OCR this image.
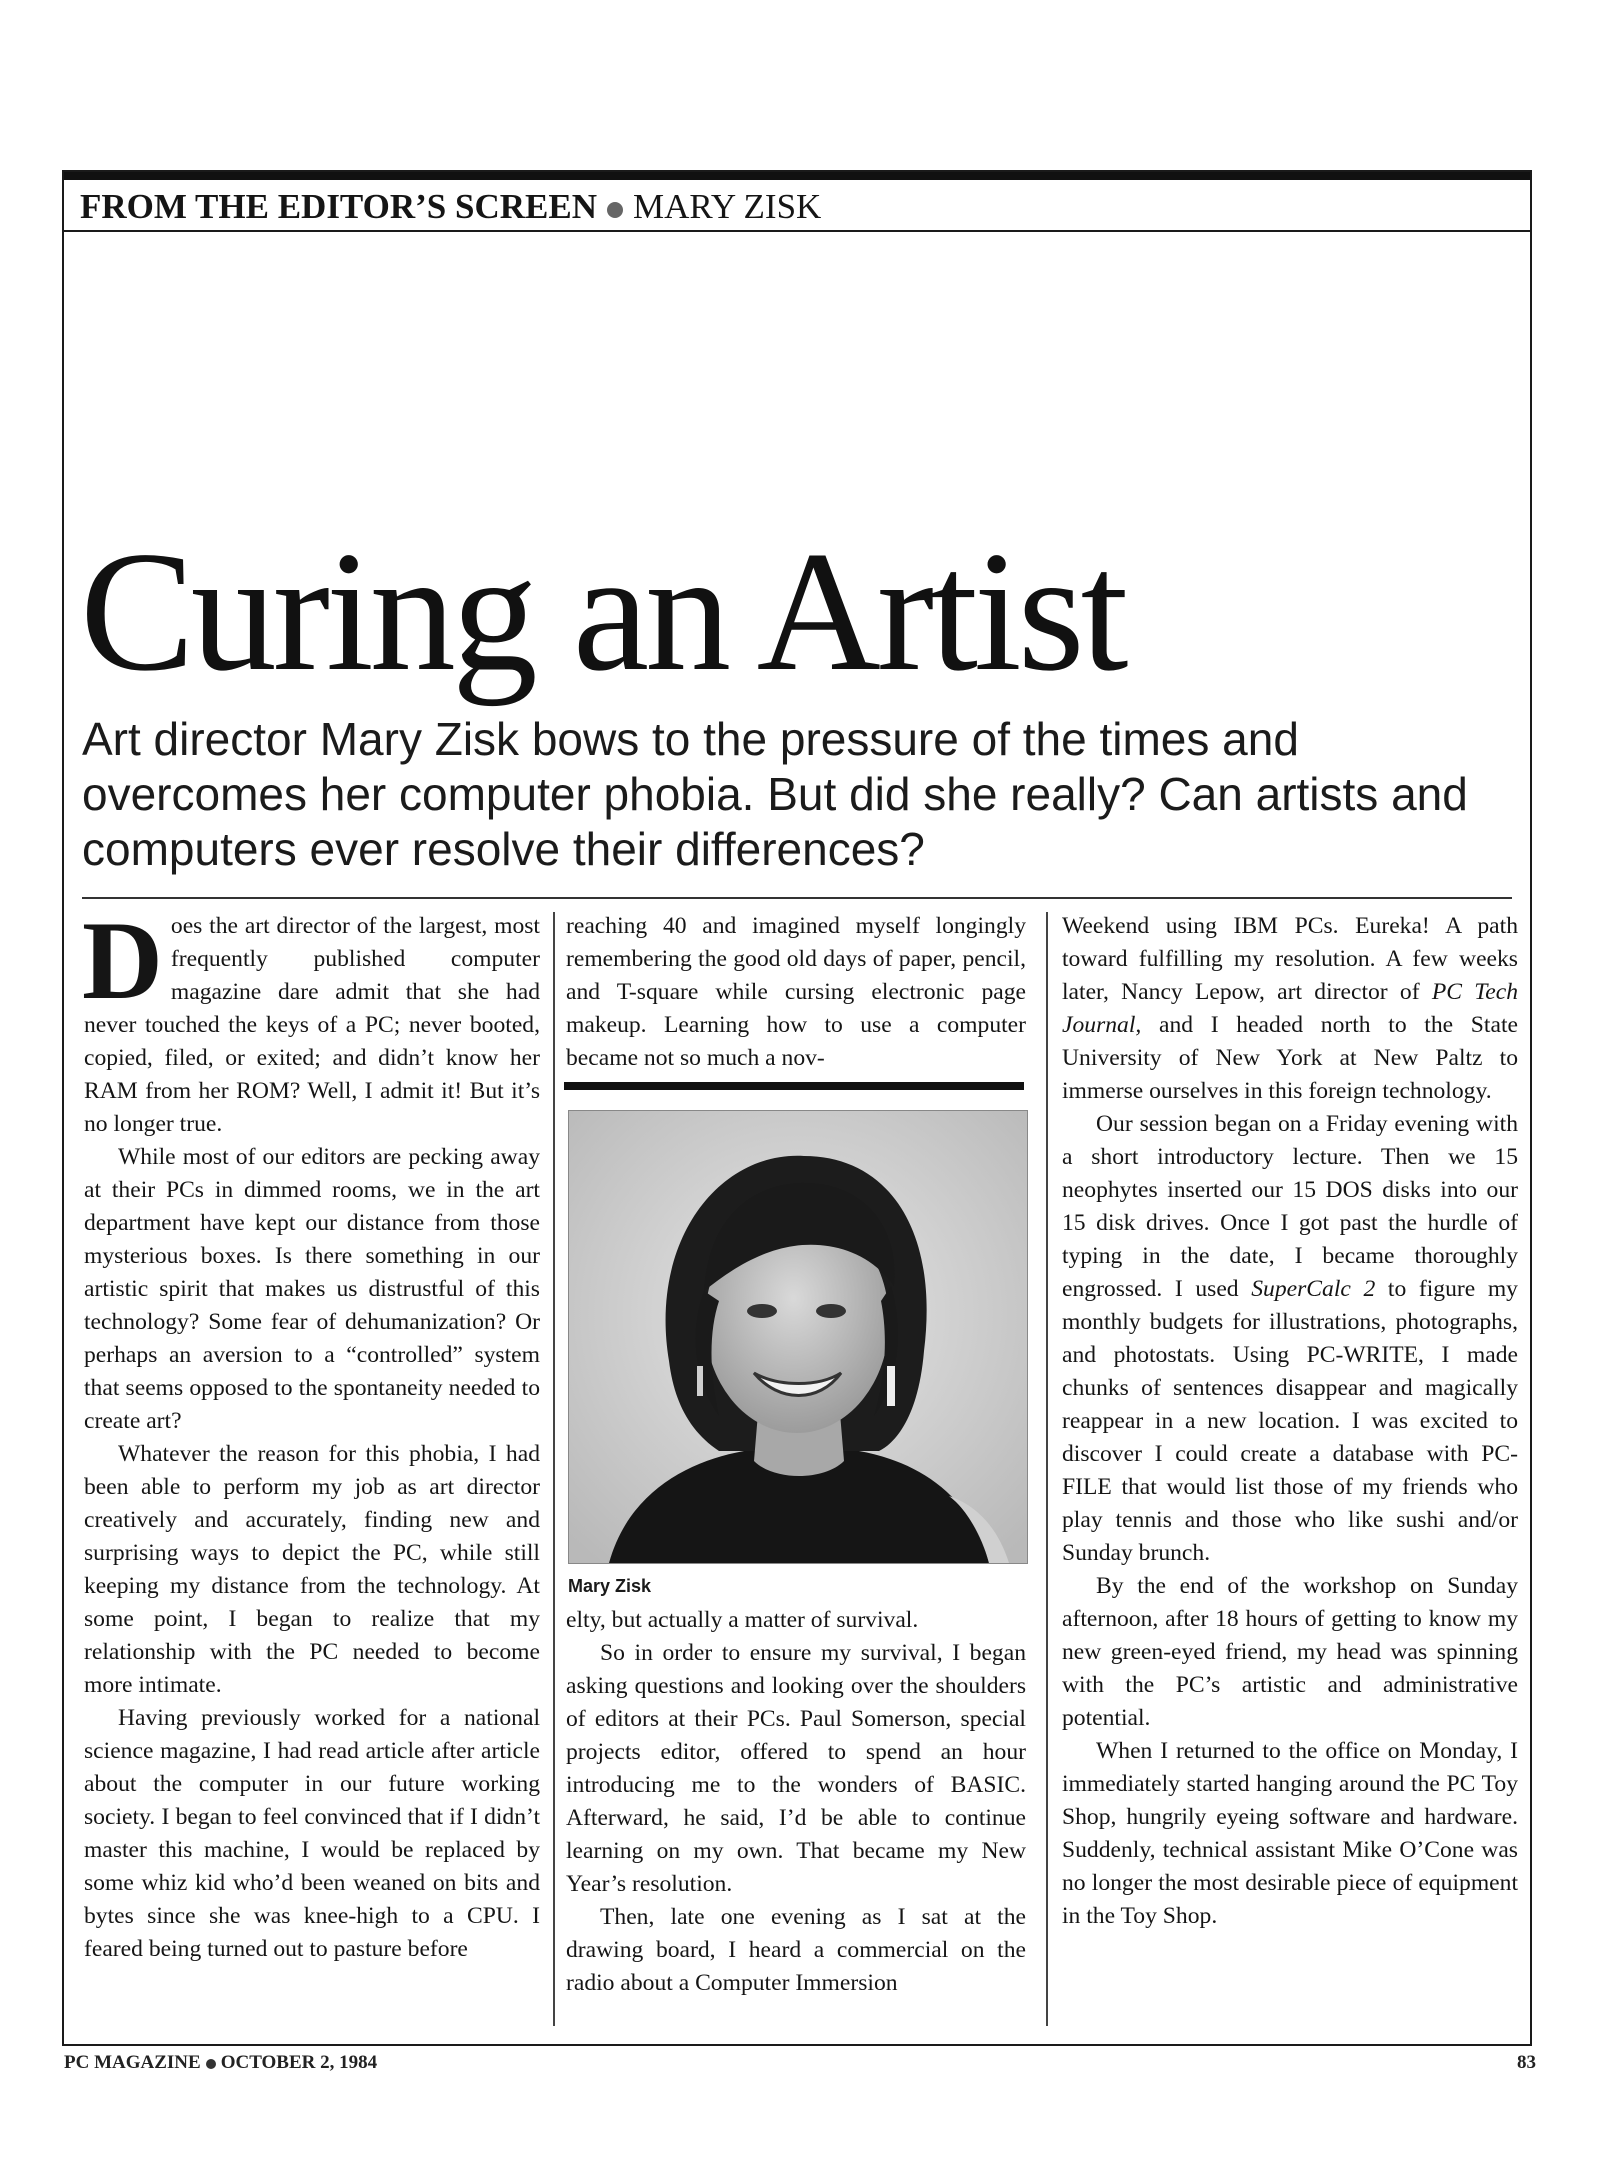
FROM THE EDITOR’S SCREEN MARY ZISK
Curing an Artist
Art director Mary Zisk bows to the pressure of the times and overcomes her computer phobia. But did she really? Can artists and computers ever resolve their differences?

Does the art director of the largest, most frequently published computer magazine dare admit that she had never touched the keys of a PC; never booted, copied, filed, or exited; and didn’t know her RAM from her ROM? Well, I admit it! But it’s no longer true.

While most of our editors are pecking away at their PCs in dimmed rooms, we in the art department have kept our distance from those mysterious boxes. Is there something in our artistic spirit that makes us distrustful of this technology? Some fear of dehumanization? Or perhaps an aversion to a “controlled” system that seems opposed to the spontaneity needed to create art?

Whatever the reason for this phobia, I had been able to perform my job as art director creatively and accurately, finding new and surprising ways to depict the PC, while still keeping my distance from the technology. At some point, I began to realize that my relationship with the PC needed to become more intimate.

Having previously worked for a national science magazine, I had read article after article about the computer in our future working society. I began to feel convinced that if I didn’t master this machine, I would be replaced by some whiz kid who’d been weaned on bits and bytes since she was knee-high to a CPU. I feared being turned out to pasture before

reaching 40 and imagined myself longingly remembering the good old days of paper, pencil, and T-square while cursing electronic page makeup. Learning how to use a computer became not so much a nov-

Mary Zisk

elty, but actually a matter of survival.

So in order to ensure my survival, I began asking questions and looking over the shoulders of editors at their PCs. Paul Somerson, special projects editor, offered to spend an hour introducing me to the wonders of BASIC. Afterward, he said, I’d be able to continue learning on my own. That became my New Year’s resolution.

Then, late one evening as I sat at the drawing board, I heard a commercial on the radio about a Computer Immersion

Weekend using IBM PCs. Eureka! A path toward fulfilling my resolution. A few weeks later, Nancy Lepow, art director of PC Tech Journal, and I headed north to the State University of New York at New Paltz to immerse ourselves in this foreign technology.

Our session began on a Friday evening with a short introductory lecture. Then we 15 neophytes inserted our 15 DOS disks into our 15 disk drives. Once I got past the hurdle of typing in the date, I became thoroughly engrossed. I used SuperCalc 2 to figure my monthly budgets for illustrations, photographs, and photostats. Using PC-WRITE, I made chunks of sentences disappear and magically reappear in a new location. I was excited to discover I could create a database with PC-FILE that would list those of my friends who play tennis and those who like sushi and/or Sunday brunch.

By the end of the workshop on Sunday afternoon, after 18 hours of getting to know my new green-eyed friend, my head was spinning with the PC’s artistic and administrative potential.

When I returned to the office on Monday, I immediately started hanging around the PC Toy Shop, hungrily eyeing software and hardware. Suddenly, technical assistant Mike O’Cone was no longer the most desirable piece of equipment in the Toy Shop.

PC MAGAZINE OCTOBER 2, 1984	83
